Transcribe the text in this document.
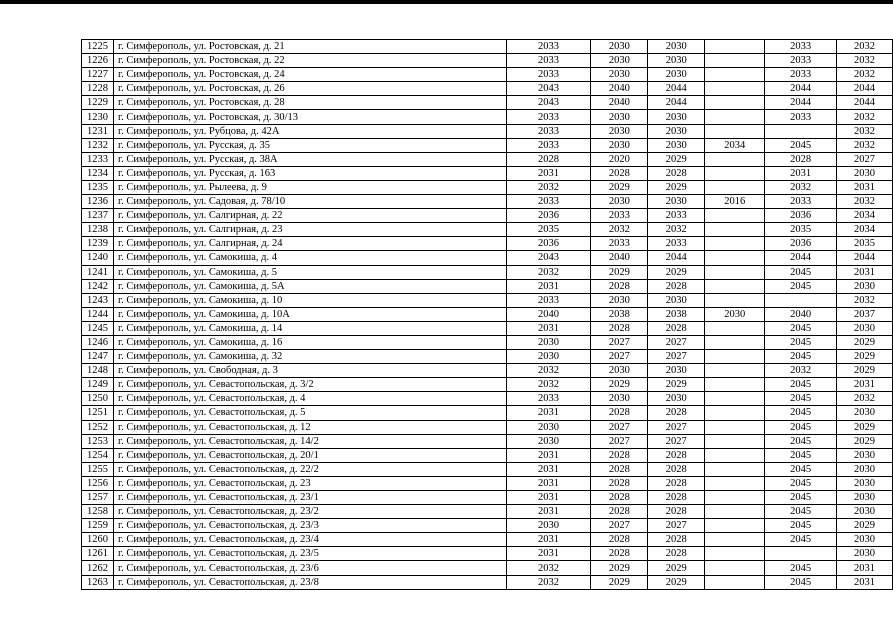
1225	г. Симферополь, ул. Ростовская, д. 21	2033	2030	2030		2033	2032
1226	г. Симферополь, ул. Ростовская, д. 22	2033	2030	2030		2033	2032
1227	г. Симферополь, ул. Ростовская, д. 24	2033	2030	2030		2033	2032
1228	г. Симферополь, ул. Ростовская, д. 26	2043	2040	2044		2044	2044
1229	г. Симферополь, ул. Ростовская, д. 28	2043	2040	2044		2044	2044
1230	г. Симферополь, ул. Ростовская, д. 30/13	2033	2030	2030		2033	2032
1231	г. Симферополь, ул. Рубцова, д. 42А	2033	2030	2030			2032
1232	г. Симферополь, ул. Русская, д. 35	2033	2030	2030	2034	2045	2032
1233	г. Симферополь, ул. Русская, д. 38А	2028	2020	2029		2028	2027
1234	г. Симферополь, ул. Русская, д. 163	2031	2028	2028		2031	2030
1235	г. Симферополь, ул. Рылеева, д. 9	2032	2029	2029		2032	2031
1236	г. Симферополь, ул. Садовая, д. 78/10	2033	2030	2030	2016	2033	2032
1237	г. Симферополь, ул. Салгирная, д. 22	2036	2033	2033		2036	2034
1238	г. Симферополь, ул. Салгирная, д. 23	2035	2032	2032		2035	2034
1239	г. Симферополь, ул. Салгирная, д. 24	2036	2033	2033		2036	2035
1240	г. Симферополь, ул. Самокиша, д. 4	2043	2040	2044		2044	2044
1241	г. Симферополь, ул. Самокиша, д. 5	2032	2029	2029		2045	2031
1242	г. Симферополь, ул. Самокиша, д. 5А	2031	2028	2028		2045	2030
1243	г. Симферополь, ул. Самокиша, д. 10	2033	2030	2030			2032
1244	г. Симферополь, ул. Самокиша, д. 10А	2040	2038	2038	2030	2040	2037
1245	г. Симферополь, ул. Самокиша, д. 14	2031	2028	2028		2045	2030
1246	г. Симферополь, ул. Самокиша, д. 16	2030	2027	2027		2045	2029
1247	г. Симферополь, ул. Самокиша, д. 32	2030	2027	2027		2045	2029
1248	г. Симферополь, ул. Свободная, д. 3	2032	2030	2030		2032	2029
1249	г. Симферополь, ул. Севастопольская, д. 3/2	2032	2029	2029		2045	2031
1250	г. Симферополь, ул. Севастопольская, д. 4	2033	2030	2030		2045	2032
1251	г. Симферополь, ул. Севастопольская, д. 5	2031	2028	2028		2045	2030
1252	г. Симферополь, ул. Севастопольская, д. 12	2030	2027	2027		2045	2029
1253	г. Симферополь, ул. Севастопольская, д. 14/2	2030	2027	2027		2045	2029
1254	г. Симферополь, ул. Севастопольская, д. 20/1	2031	2028	2028		2045	2030
1255	г. Симферополь, ул. Севастопольская, д. 22/2	2031	2028	2028		2045	2030
1256	г. Симферополь, ул. Севастопольская, д. 23	2031	2028	2028		2045	2030
1257	г. Симферополь, ул. Севастопольская, д. 23/1	2031	2028	2028		2045	2030
1258	г. Симферополь, ул. Севастопольская, д. 23/2	2031	2028	2028		2045	2030
1259	г. Симферополь, ул. Севастопольская, д. 23/3	2030	2027	2027		2045	2029
1260	г. Симферополь, ул. Севастопольская, д. 23/4	2031	2028	2028		2045	2030
1261	г. Симферополь, ул. Севастопольская, д. 23/5	2031	2028	2028			2030
1262	г. Симферополь, ул. Севастопольская, д. 23/6	2032	2029	2029		2045	2031
1263	г. Симферополь, ул. Севастопольская, д. 23/8	2032	2029	2029		2045	2031
